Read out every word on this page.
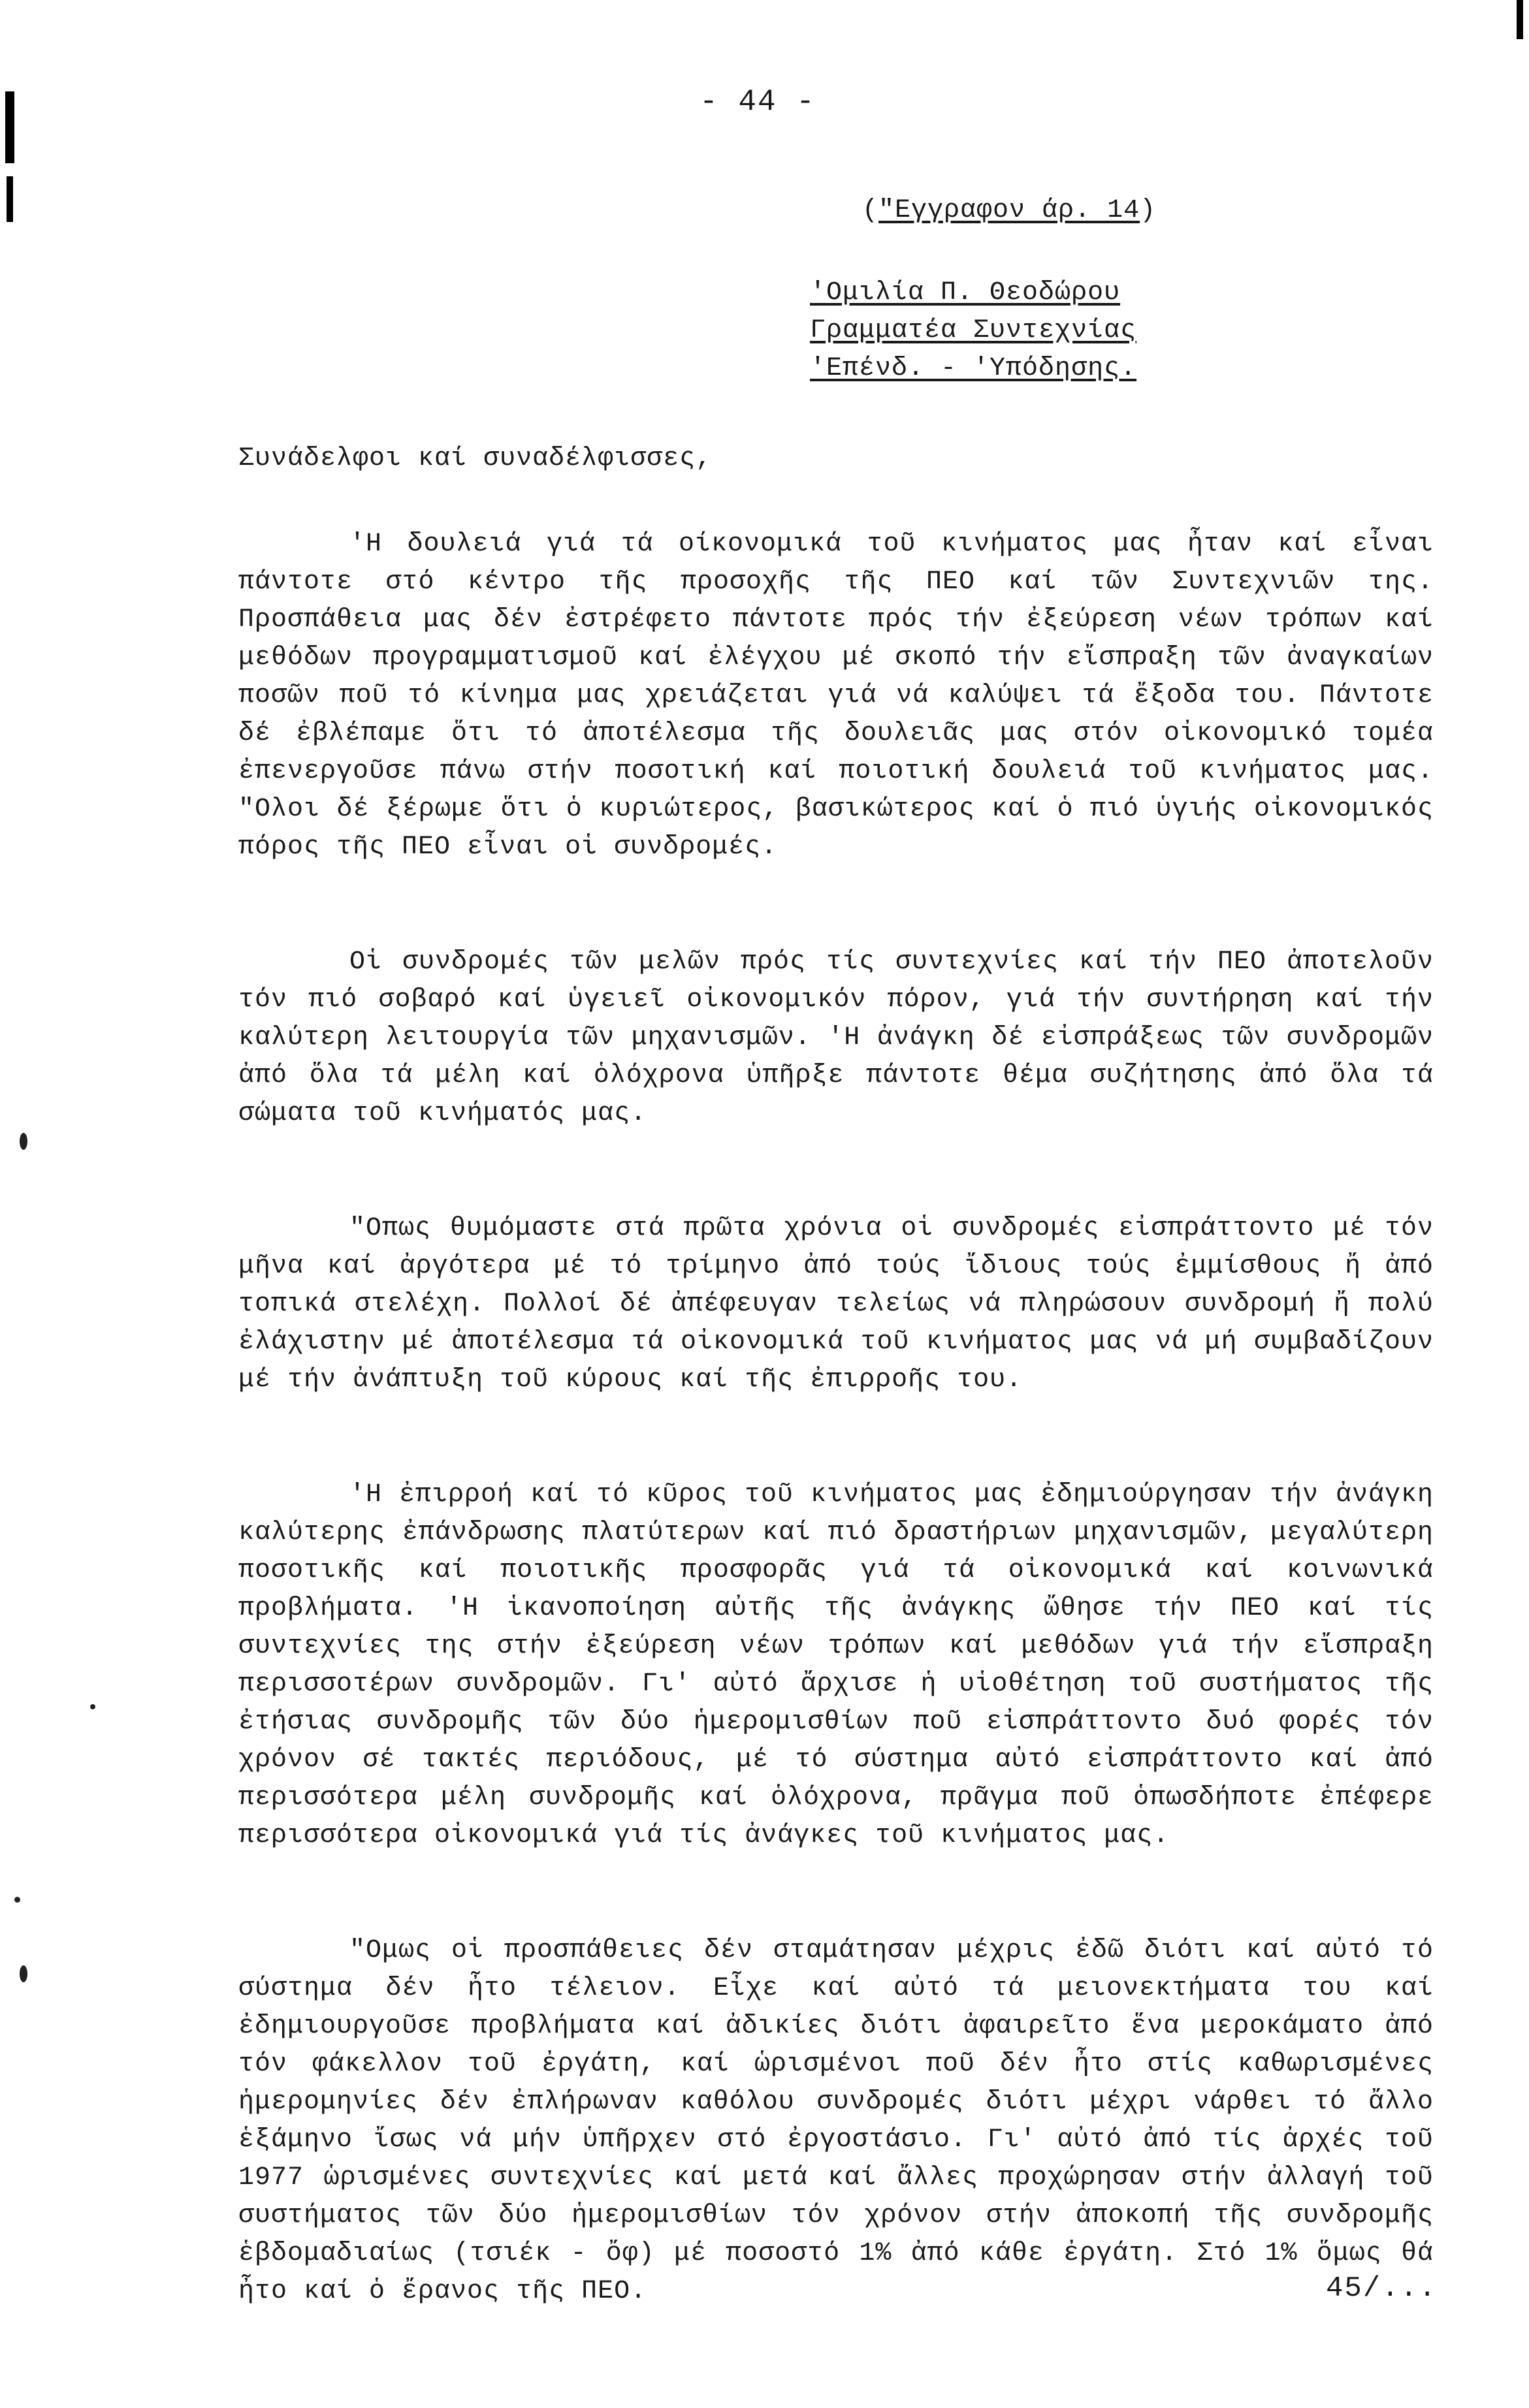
- 44 -
("Εγγραφον άρ. 14)
'Ομιλία Π. Θεοδώρου
Γραμματέα Συντεχνίας
'Επένδ. - 'Υπόδησης.
Συνάδελφοι καί συναδέλφισσες,

'Η δουλειά γιά τά οίκονομικά τοῦ κινήματος μας ἦταν καί εἶναι πάντοτε στό κέντρο τῆς προσοχῆς τῆς ΠΕΟ καί τῶν Συντεχνιῶν της. Προσπάθεια μας δέν ἐστρέφετο πάντοτε πρός τήν ἐξεύρεση νέων τρόπων καί μεθόδων προγραμματισμοῦ καί ἐλέγχου μέ σκοπό τήν εἴσπραξη τῶν ἀναγκαίων ποσῶν ποῦ τό κίνημα μας χρειάζεται γιά νά καλύψει τά ἔξοδα του. Πάντοτε δέ ἐβλέπαμε ὅτι τό ἀποτέλεσμα τῆς δουλειᾶς μας στόν οἰκονομικό τομέα ἐπενεργοῦσε πάνω στήν ποσοτική καί ποιοτική δουλειά τοῦ κινήματος μας. "Ολοι δέ ξέρωμε ὅτι ὁ κυριώτερος, βασικώτερος καί ὁ πιό ὑγιής οἰκονομικός πόρος τῆς ΠΕΟ εἶναι οἱ συνδρομές.

Οἱ συνδρομές τῶν μελῶν πρός τίς συντεχνίες καί τήν ΠΕΟ ἀποτελοῦν τόν πιό σοβαρό καί ὑγειεῖ οἰκονομικόν πόρον, γιά τήν συντήρηση καί τήν καλύτερη λειτουργία τῶν μηχανισμῶν. 'Η ἀνάγκη δέ εἰσπράξεως τῶν συνδρομῶν ἀπό ὅλα τά μέλη καί ὁλόχρονα ὑπῆρξε πάντοτε θέμα συζήτησης ἀπό ὅλα τά σώματα τοῦ κινήματός μας.

"Οπως θυμόμαστε στά πρῶτα χρόνια οἱ συνδρομές εἰσπράττοντο μέ τόν μῆνα καί ἀργότερα μέ τό τρίμηνο ἀπό τούς ἴδιους τούς ἐμμίσθους ἤ ἀπό τοπικά στελέχη. Πολλοί δέ ἀπέφευγαν τελείως νά πληρώσουν συνδρομή ἤ πολύ ἐλάχιστην μέ ἀποτέλεσμα τά οἰκονομικά τοῦ κινήματος μας νά μή συμβαδίζουν μέ τήν ἀνάπτυξη τοῦ κύρους καί τῆς ἐπιρροῆς του.

'Η ἐπιρροή καί τό κῦρος τοῦ κινήματος μας ἐδημιούργησαν τήν ἀνάγκη καλύτερης ἐπάνδρωσης πλατύτερων καί πιό δραστήριων μηχανισμῶν, μεγαλύτερη ποσοτικῆς καί ποιοτικῆς προσφορᾶς γιά τά οἰκονομικά καί κοινωνικά προβλήματα. 'Η ἱκανοποίηση αὐτῆς τῆς ἀνάγκης ὤθησε τήν ΠΕΟ καί τίς συντεχνίες της στήν ἐξεύρεση νέων τρόπων καί μεθόδων γιά τήν εἴσπραξη περισσοτέρων συνδρομῶν. Γι' αὐτό ἄρχισε ἡ υἱοθέτηση τοῦ συστήματος τῆς ἐτήσιας συνδρομῆς τῶν δύο ἡμερομισθίων ποῦ εἰσπράττοντο δυό φορές τόν χρόνον σέ τακτές περιόδους, μέ τό σύστημα αὐτό εἰσπράττοντο καί ἀπό περισσότερα μέλη συνδρομῆς καί ὁλόχρονα, πρᾶγμα ποῦ ὁπωσδήποτε ἐπέφερε περισσότερα οἰκονομικά γιά τίς ἀνάγκες τοῦ κινήματος μας.

"Ομως οἱ προσπάθειες δέν σταμάτησαν μέχρις ἐδῶ διότι καί αὐτό τό σύστημα δέν ἦτο τέλειον. Εἶχε καί αὐτό τά μειονεκτήματα του καί ἐδημιουργοῦσε προβλήματα καί ἀδικίες διότι ἀφαιρεῖτο ἕνα μεροκάματο ἀπό τόν φάκελλον τοῦ ἐργάτη, καί ὡρισμένοι ποῦ δέν ἦτο στίς καθωρισμένες ἡμερομηνίες δέν ἐπλήρωναν καθόλου συνδρομές διότι μέχρι νάρθει τό ἄλλο ἑξάμηνο ἴσως νά μήν ὑπῆρχεν στό ἐργοστάσιο. Γι' αὐτό ἀπό τίς ἀρχές τοῦ 1977 ὡρισμένες συντεχνίες καί μετά καί ἄλλες προχώρησαν στήν ἀλλαγή τοῦ συστήματος τῶν δύο ἡμερομισθίων τόν χρόνον στήν ἀποκοπή τῆς συνδρομῆς ἑβδομαδιαίως (τσιέκ - ὄφ) μέ ποσοστό 1% ἀπό κάθε ἐργάτη. Στό 1% ὅμως θά ἦτο καί ὁ ἔρανος τῆς ΠΕΟ.	45/...
